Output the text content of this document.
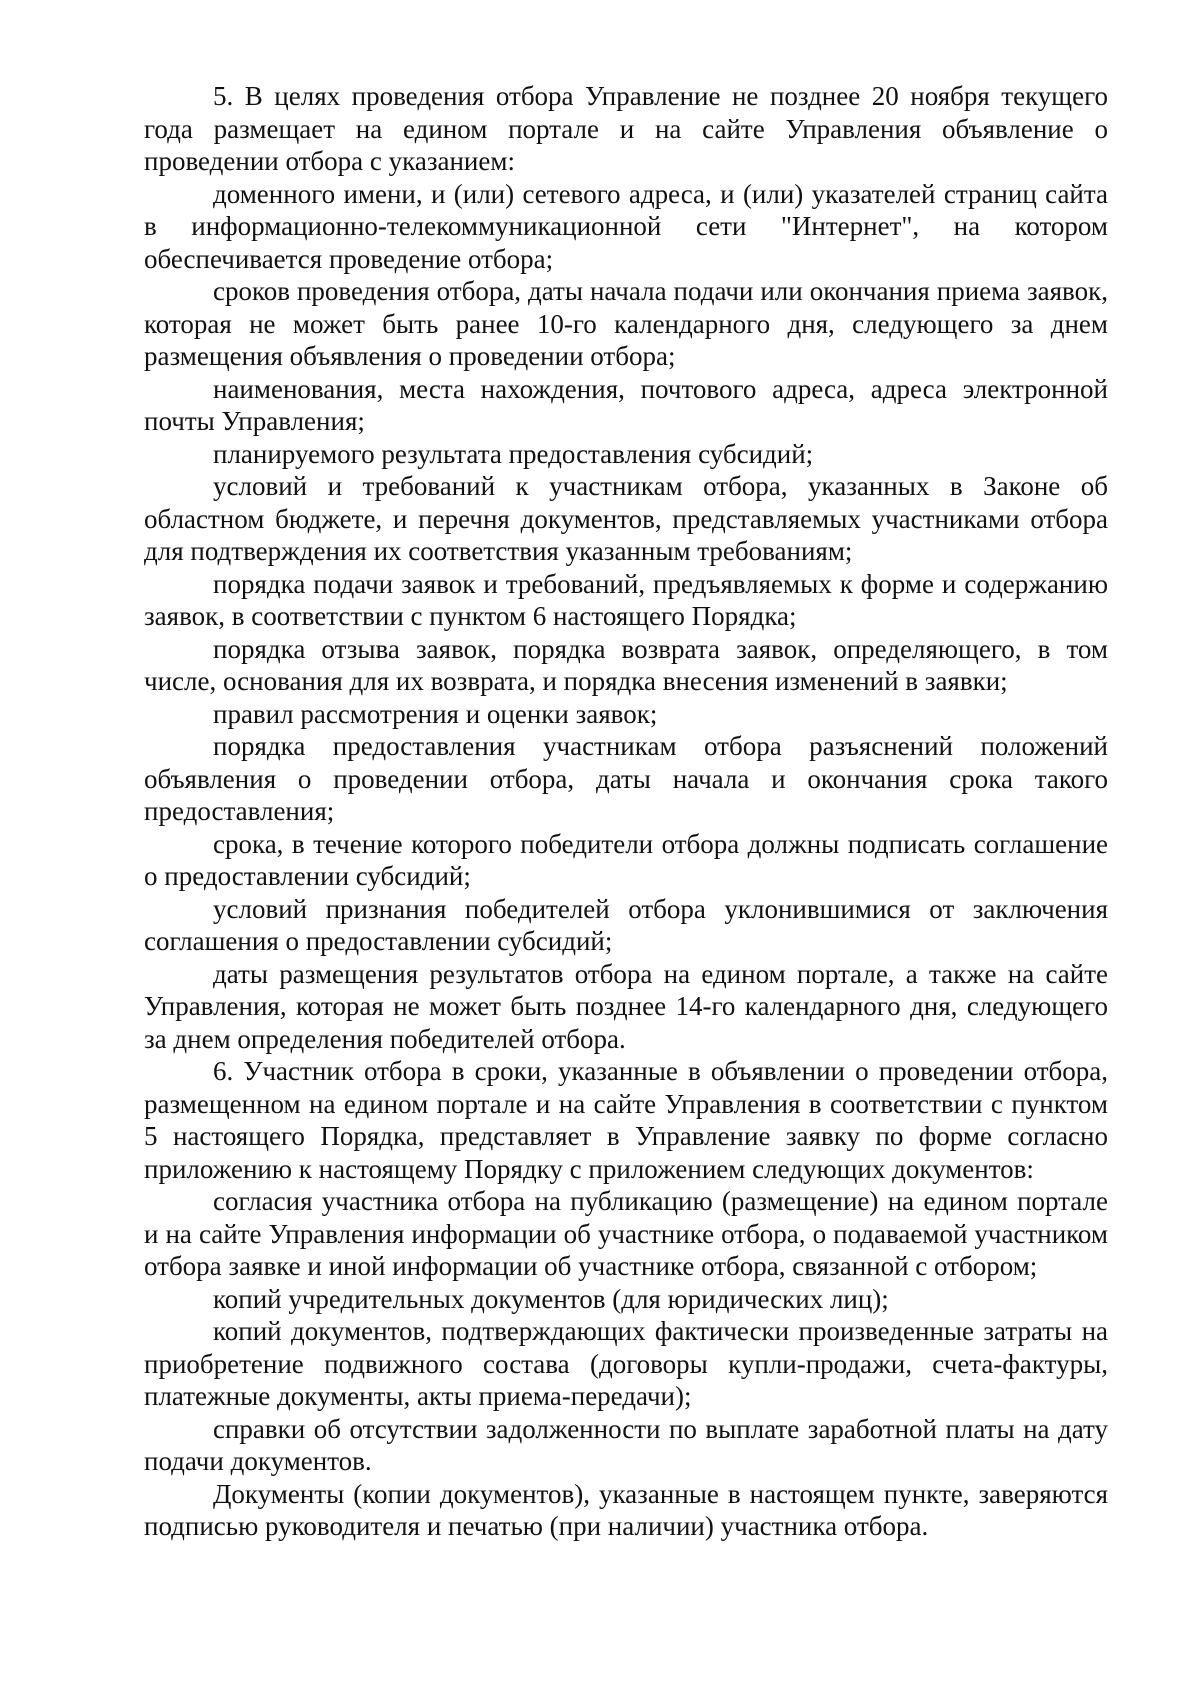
5. В целях проведения отбора Управление не позднее 20 ноября текущего года размещает на едином портале и на сайте Управления объявление о проведении отбора с указанием:

доменного имени, и (или) сетевого адреса, и (или) указателей страниц сайта в информационно-телекоммуникационной сети "Интернет", на котором обеспечивается проведение отбора;

сроков проведения отбора, даты начала подачи или окончания приема заявок, которая не может быть ранее 10-го календарного дня, следующего за днем размещения объявления о проведении отбора;

наименования, места нахождения, почтового адреса, адреса электронной почты Управления;

планируемого результата предоставления субсидий;

условий и требований к участникам отбора, указанных в Законе об областном бюджете, и перечня документов, представляемых участниками отбора для подтверждения их соответствия указанным требованиям;

порядка подачи заявок и требований, предъявляемых к форме и содержанию заявок, в соответствии с пунктом 6 настоящего Порядка;

порядка отзыва заявок, порядка возврата заявок, определяющего, в том числе, основания для их возврата, и порядка внесения изменений в заявки;

правил рассмотрения и оценки заявок;

порядка предоставления участникам отбора разъяснений положений объявления о проведении отбора, даты начала и окончания срока такого предоставления;

срока, в течение которого победители отбора должны подписать соглашение о предоставлении субсидий;

условий признания победителей отбора уклонившимися от заключения соглашения о предоставлении субсидий;

даты размещения результатов отбора на едином портале, а также на сайте Управления, которая не может быть позднее 14-го календарного дня, следующего за днем определения победителей отбора.

6. Участник отбора в сроки, указанные в объявлении о проведении отбора, размещенном на едином портале и на сайте Управления в соответствии с пунктом 5 настоящего Порядка, представляет в Управление заявку по форме согласно приложению к настоящему Порядку с приложением следующих документов:

согласия участника отбора на публикацию (размещение) на едином портале и на сайте Управления информации об участнике отбора, о подаваемой участником отбора заявке и иной информации об участнике отбора, связанной с отбором;

копий учредительных документов (для юридических лиц);

копий документов, подтверждающих фактически произведенные затраты на приобретение подвижного состава (договоры купли-продажи, счета-фактуры, платежные документы, акты приема-передачи);

справки об отсутствии задолженности по выплате заработной платы на дату подачи документов.

Документы (копии документов), указанные в настоящем пункте, заверяются подписью руководителя и печатью (при наличии) участника отбора.
